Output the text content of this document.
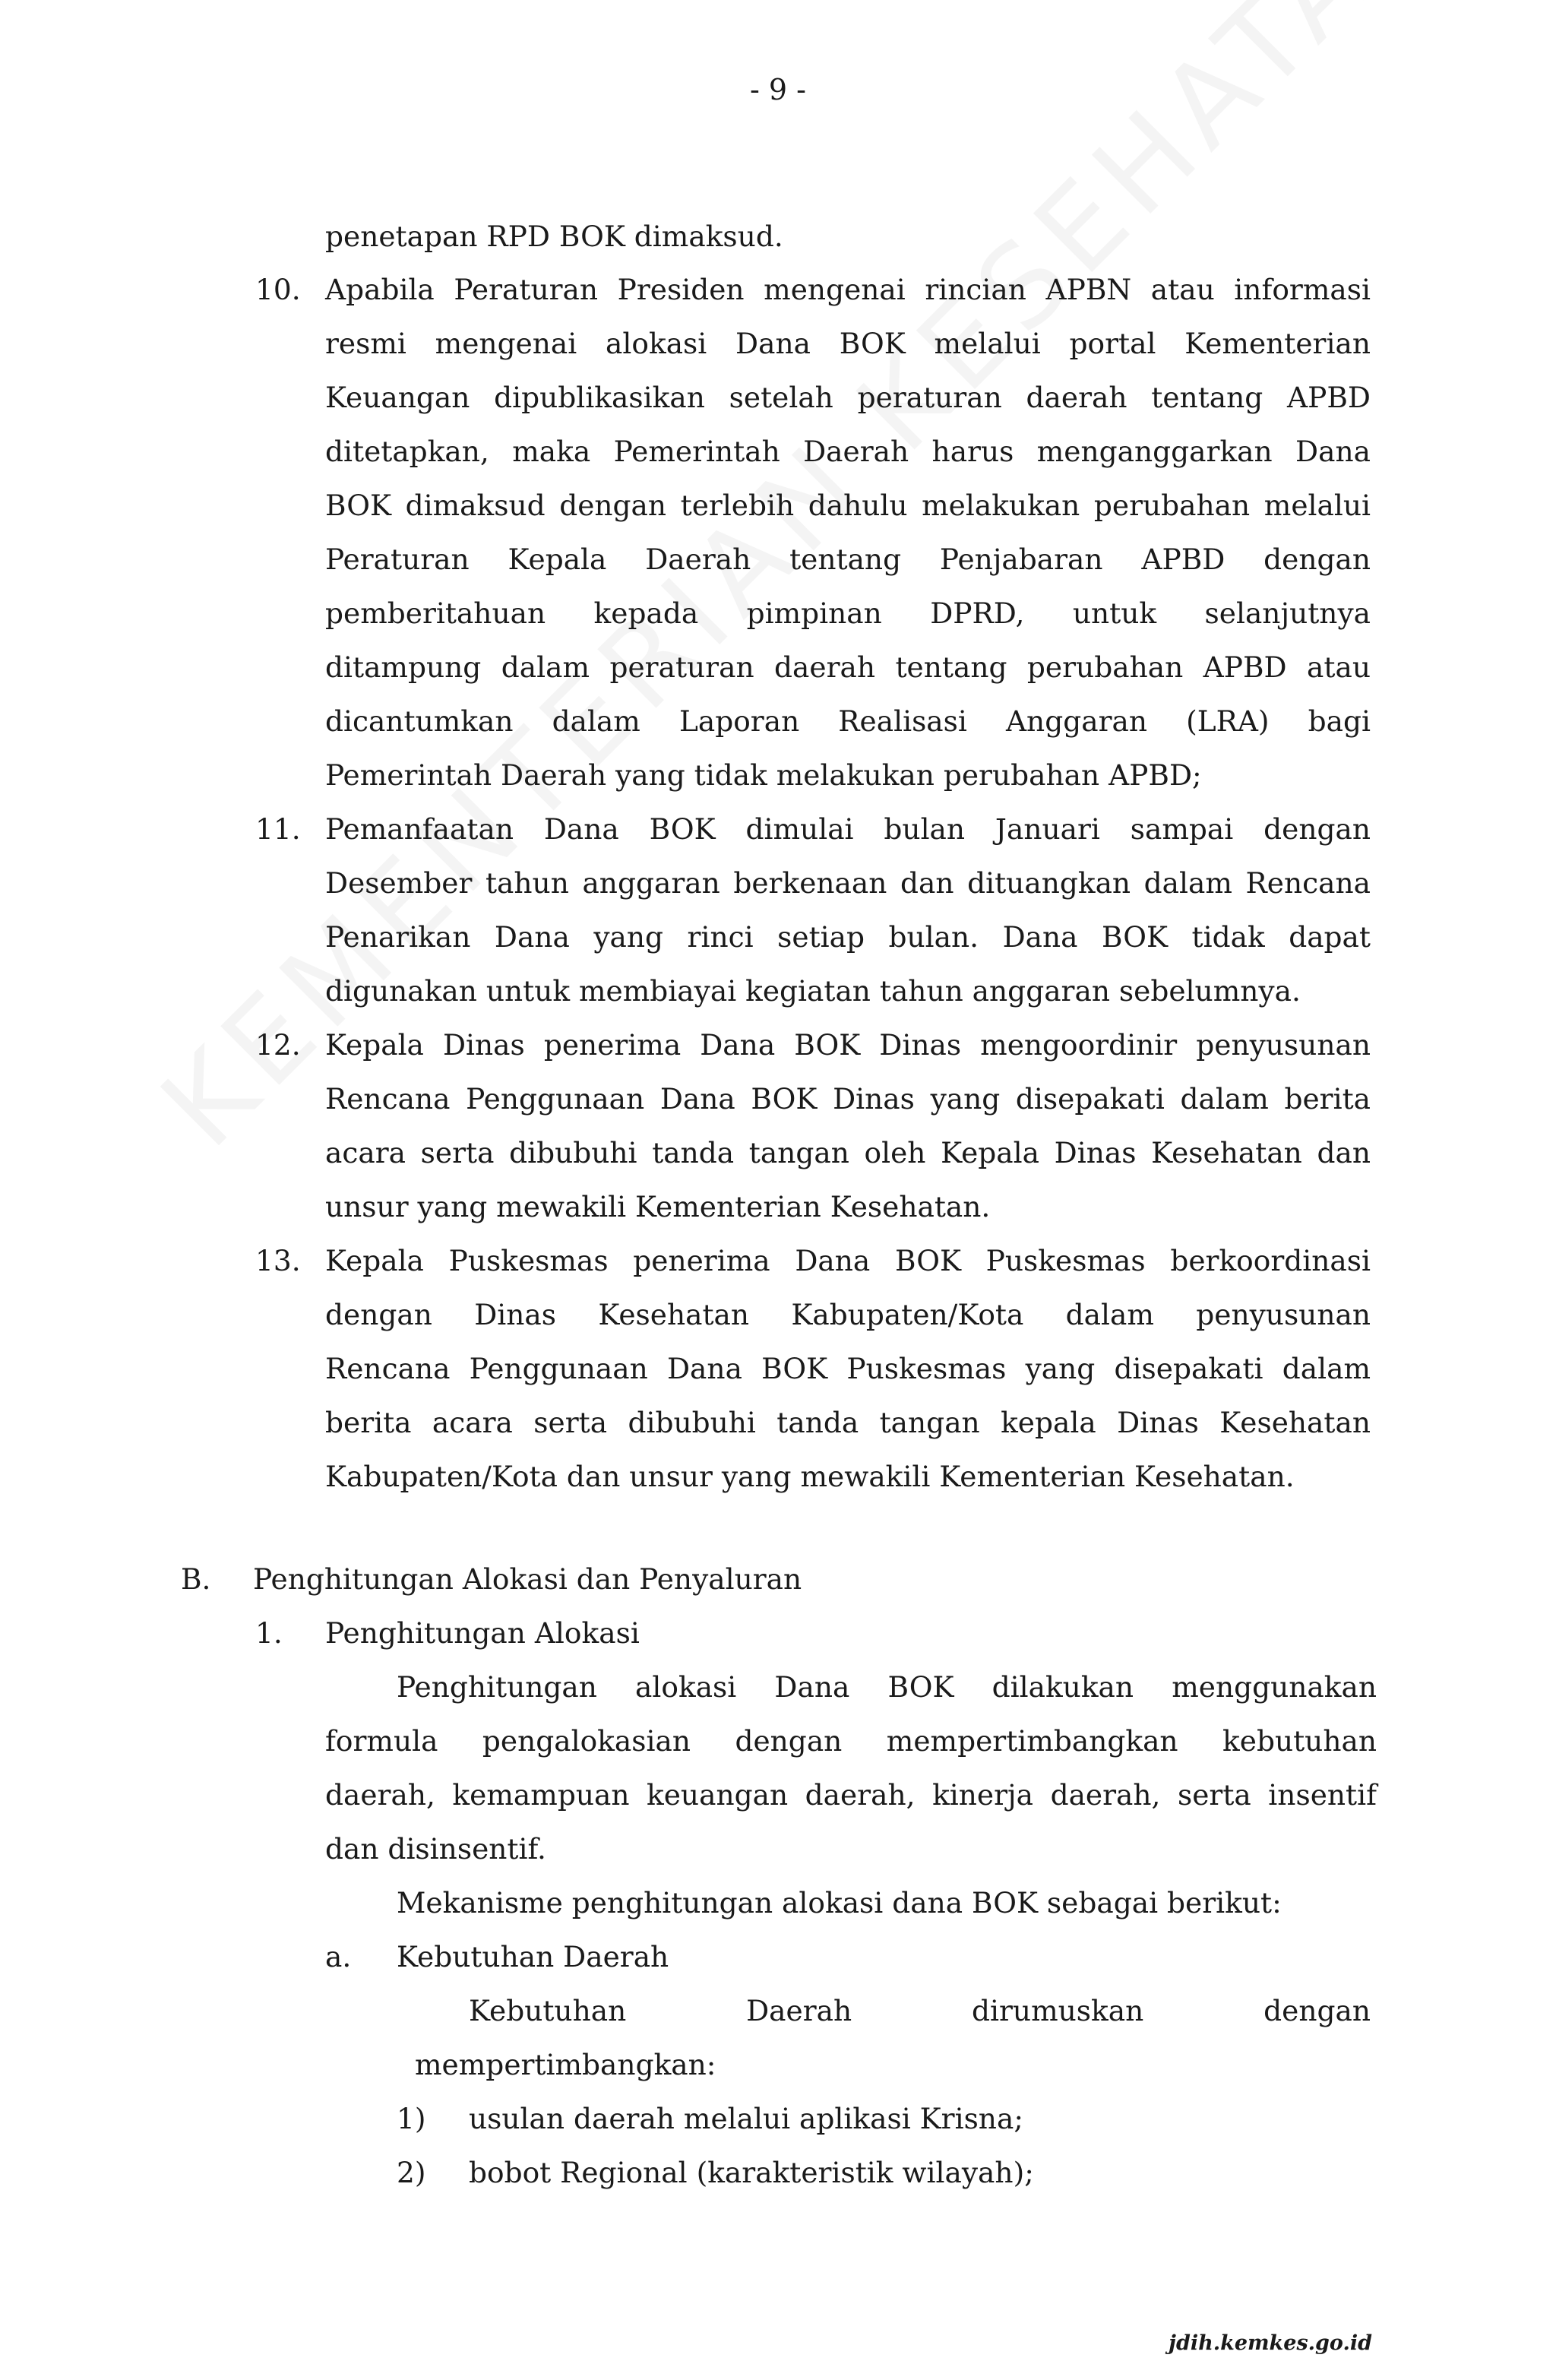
- 9 -
penetapan RPD BOK dimaksud.
10. Apabila Peraturan Presiden mengenai rincian APBN atau informasi
resmi mengenai alokasi Dana BOK melalui portal Kementerian
Keuangan dipublikasikan setelah peraturan daerah tentang APBD
ditetapkan, maka Pemerintah Daerah harus menganggarkan Dana
BOK dimaksud dengan terlebih dahulu melakukan perubahan melalui
Peraturan Kepala Daerah tentang Penjabaran APBD dengan
pemberitahuan kepada pimpinan DPRD, untuk selanjutnya
ditampung dalam peraturan daerah tentang perubahan APBD atau
dicantumkan dalam Laporan Realisasi Anggaran (LRA) bagi
Pemerintah Daerah yang tidak melakukan perubahan APBD;
11. Pemanfaatan Dana BOK dimulai bulan Januari sampai dengan
Desember tahun anggaran berkenaan dan dituangkan dalam Rencana
Penarikan Dana yang rinci setiap bulan. Dana BOK tidak dapat
digunakan untuk membiayai kegiatan tahun anggaran sebelumnya.
12. Kepala Dinas penerima Dana BOK Dinas mengoordinir penyusunan
Rencana Penggunaan Dana BOK Dinas yang disepakati dalam berita
acara serta dibubuhi tanda tangan oleh Kepala Dinas Kesehatan dan
unsur yang mewakili Kementerian Kesehatan.
13. Kepala Puskesmas penerima Dana BOK Puskesmas berkoordinasi
dengan Dinas Kesehatan Kabupaten/Kota dalam penyusunan
Rencana Penggunaan Dana BOK Puskesmas yang disepakati dalam
berita acara serta dibubuhi tanda tangan kepala Dinas Kesehatan
Kabupaten/Kota dan unsur yang mewakili Kementerian Kesehatan.
B. Penghitungan Alokasi dan Penyaluran
1. Penghitungan Alokasi
Penghitungan alokasi Dana BOK dilakukan menggunakan
formula pengalokasian dengan mempertimbangkan kebutuhan
daerah, kemampuan keuangan daerah, kinerja daerah, serta insentif
dan disinsentif.
Mekanisme penghitungan alokasi dana BOK sebagai berikut:
a. Kebutuhan Daerah
Kebutuhan Daerah dirumuskan dengan
mempertimbangkan:
1) usulan daerah melalui aplikasi Krisna;
2) bobot Regional (karakteristik wilayah);
jdih.kemkes.go.id
